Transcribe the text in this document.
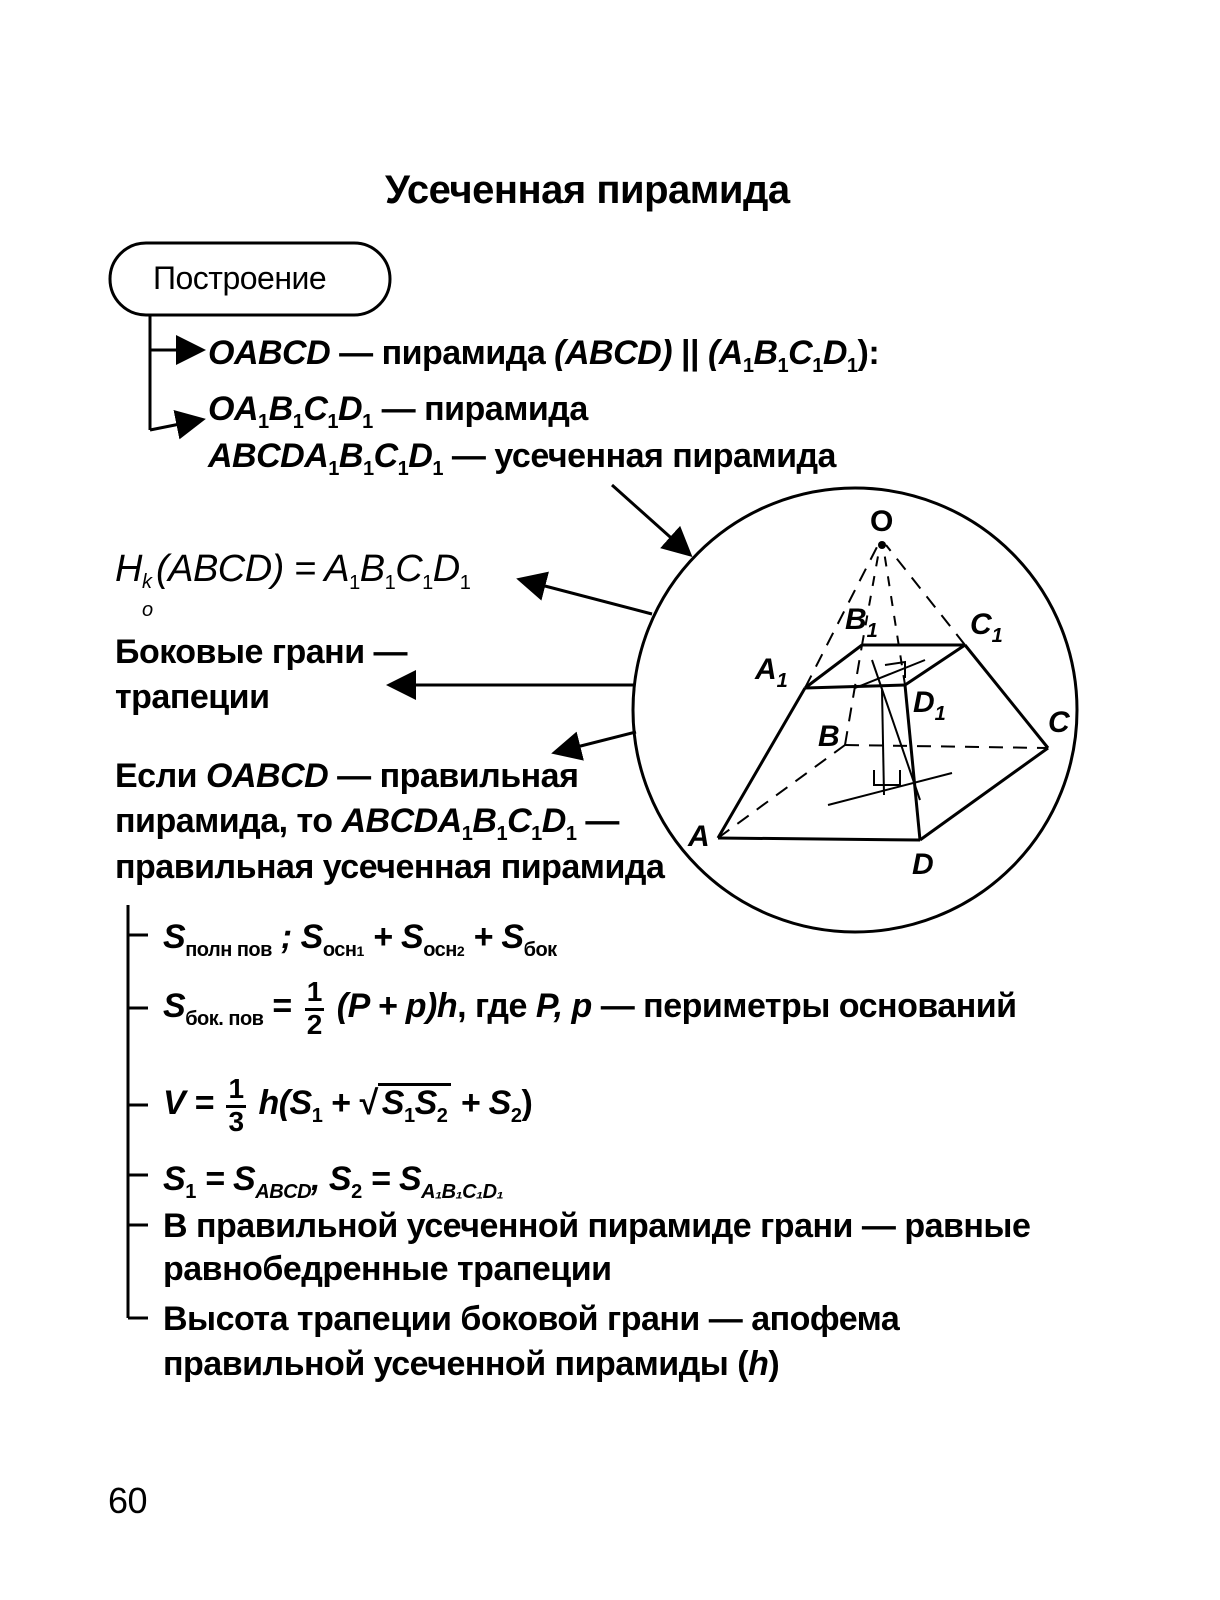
Усеченная пирамида
Построение
OABCD — пирамида (ABCD) || $(A_1B_1C_1D_1)$:
$OA_1B_1C_1D_1$ — пирамида
$ABCDA_1B_1C_1D_1$ — усеченная пирамида
H k
o
(ABCD) = $A_1B_1C_1D_1$
Боковые грани —
трапеции
Если OABCD — правильная
пирамида, то $ABCDA_1B_1C_1D_1$ —
правильная усеченная пирамида
O
$A_1$
$B_1$	$C_1$
$D_1$
B	C
A
D
$S_{полн пов}$ ; $S_{осн1} + S_{осн2} + S_{бок}$
$S_{бок. пов} = \frac{1}{2} (P + p)h$, где P, p — периметры оснований
$V = \frac{1}{3} h(S_1$ + √ $S_1S_2 + S_2$)
$S_1 = S_{ABCD}$, $S_2 = S_{A_1B_1C_1D_1}$
В правильной усеченной пирамиде грани — равные
равнобедренные трапеции
Высота трапеции боковой грани — апофема
правильной усеченной пирамиды (h)
60
